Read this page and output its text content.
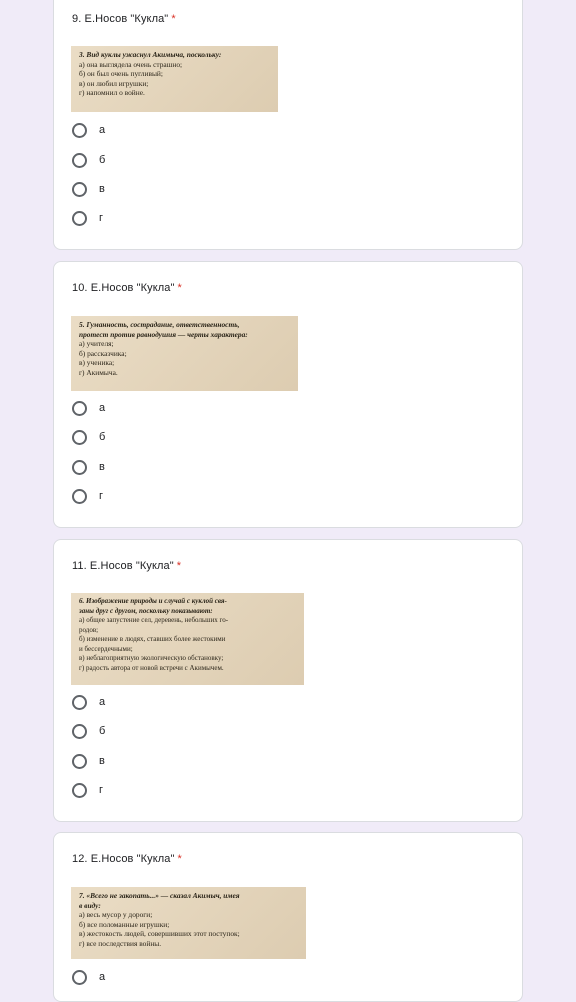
9. Е.Носов "Кукла" *
3. Вид куклы ужаснул Акимыча, поскольку:
а) она выглядела очень страшно;
б) он был очень пугливый;
в) он любил игрушки;
г) напомнил о войне.
а
б
в
г
10. Е.Носов "Кукла" *
5. Гуманность, сострадание, ответственность,
протест против равнодушия — черты характера:
а) учителя;
б) рассказчика;
в) ученика;
г) Акимыча.
а
б
в
г
11. Е.Носов "Кукла" *
6. Изображение природы и случай с куклой свя-
заны друг с другом, поскольку показывают:
а) общее запустение сел, деревень, небольших го-
родов;
б) изменение в людях, ставших более жестокими
и бессердечными;
в) неблагоприятную экологическую обстановку;
г) радость автора от новой встречи с Акимычем.
а
б
в
г
12. Е.Носов "Кукла" *
7. «Всего не закопать...» — сказал Акимыч, имея
в виду:
а) весь мусор у дороги;
б) все поломанные игрушки;
в) жестокость людей, совершивших этот поступок;
г) все последствия войны.
а
